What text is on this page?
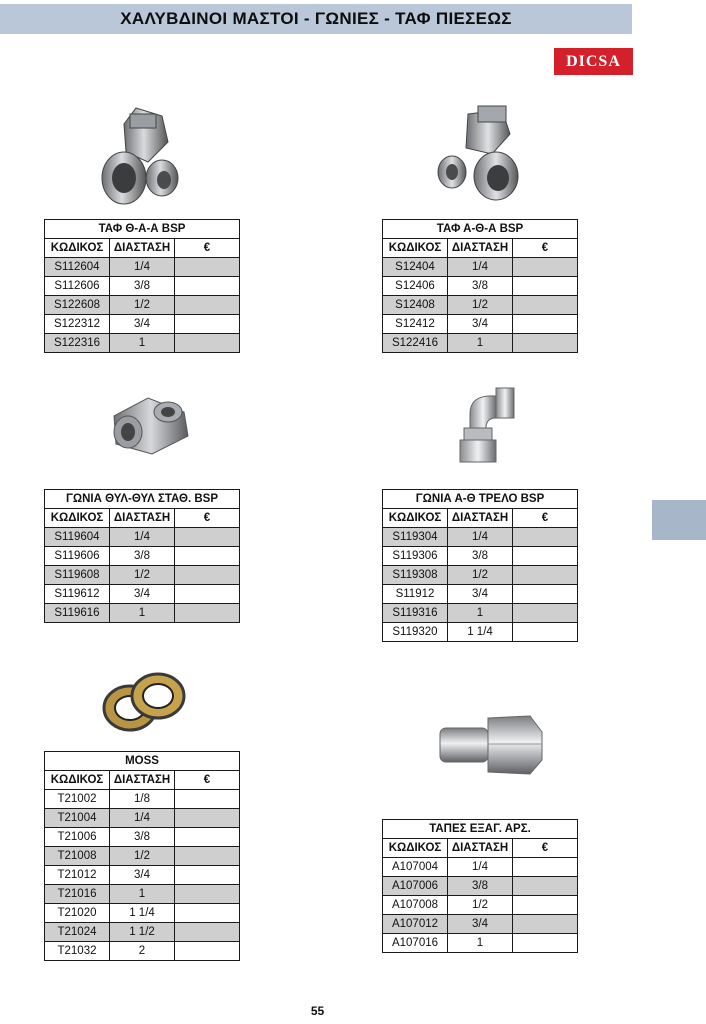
ΧΑΛΥΒΔΙΝΟΙ ΜΑΣΤΟΙ - ΓΩΝΙΕΣ - ΤΑΦ ΠΙΕΣΕΩΣ
DICSA
ΤΑΦ Θ-Α-Α BSP		
ΚΩΔΙΚΟΣ	ΔΙΑΣΤΑΣΗ	€
S112604	1/4	
S112606	3/8	
S122608	1/2	
S122312	3/4	
S122316	1	
ΤΑΦ Α-Θ-Α BSP		
ΚΩΔΙΚΟΣ	ΔΙΑΣΤΑΣΗ	€
S12404	1/4	
S12406	3/8	
S12408	1/2	
S12412	3/4	
S122416	1	
ΓΩΝΙΑ ΘΥΛ-ΘΥΛ ΣΤΑΘ. BSP		
ΚΩΔΙΚΟΣ	ΔΙΑΣΤΑΣΗ	€
S119604	1/4	
S119606	3/8	
S119608	1/2	
S119612	3/4	
S119616	1	
ΓΩΝΙΑ Α-Θ ΤΡΕΛΟ BSP		
ΚΩΔΙΚΟΣ	ΔΙΑΣΤΑΣΗ	€
S119304	1/4	
S119306	3/8	
S119308	1/2	
S11912	3/4	
S119316	1	
S119320	1 1/4	
MOSS		
ΚΩΔΙΚΟΣ	ΔΙΑΣΤΑΣΗ	€
T21002	1/8	
T21004	1/4	
T21006	3/8	
T21008	1/2	
T21012	3/4	
T21016	1	
T21020	1 1/4	
T21024	1 1/2	
T21032	2	
ΤΑΠΕΣ ΕΞΑΓ. ΑΡΣ.		
ΚΩΔΙΚΟΣ	ΔΙΑΣΤΑΣΗ	€
A107004	1/4	
A107006	3/8	
A107008	1/2	
A107012	3/4	
A107016	1	
55
